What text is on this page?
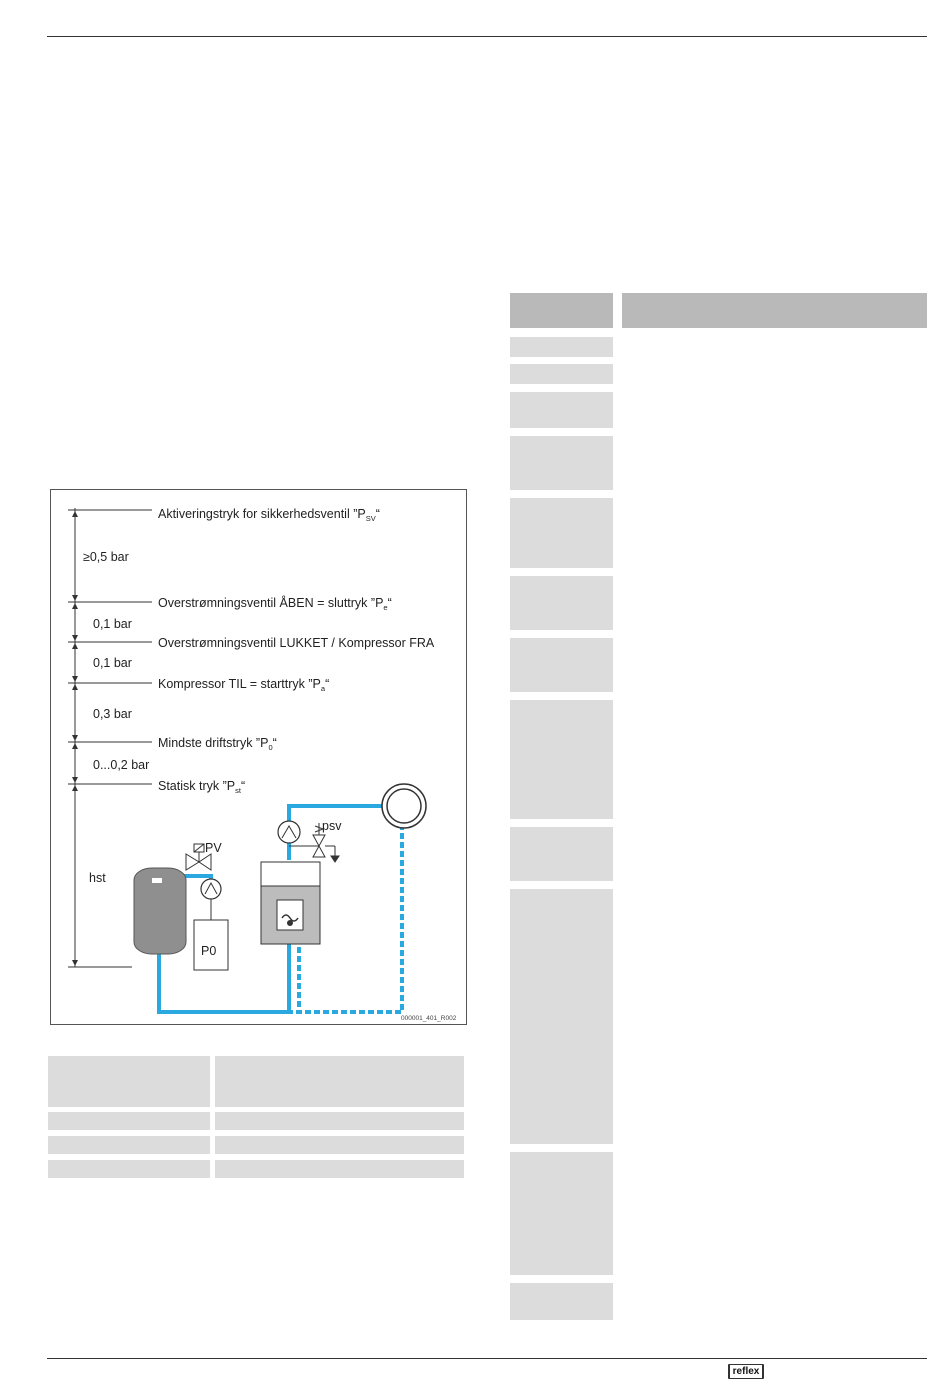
Aktiveringstryk for sikkerhedsventil $”P_{SV}“$
≥0,5 bar
Overstrømningsventil ÅBEN = sluttryk $”P_e“$
0,1 bar
Overstrømningsventil LUKKET / Kompressor FRA
0,1 bar
Kompressor TIL = starttryk $”P_a“$
0,3 bar
Mindste driftstryk $”P_0“$
0...0,2 bar
Statisk tryk $”P_{st}“$
hst
psv
PV
P0
000001_401_R002
reflex
